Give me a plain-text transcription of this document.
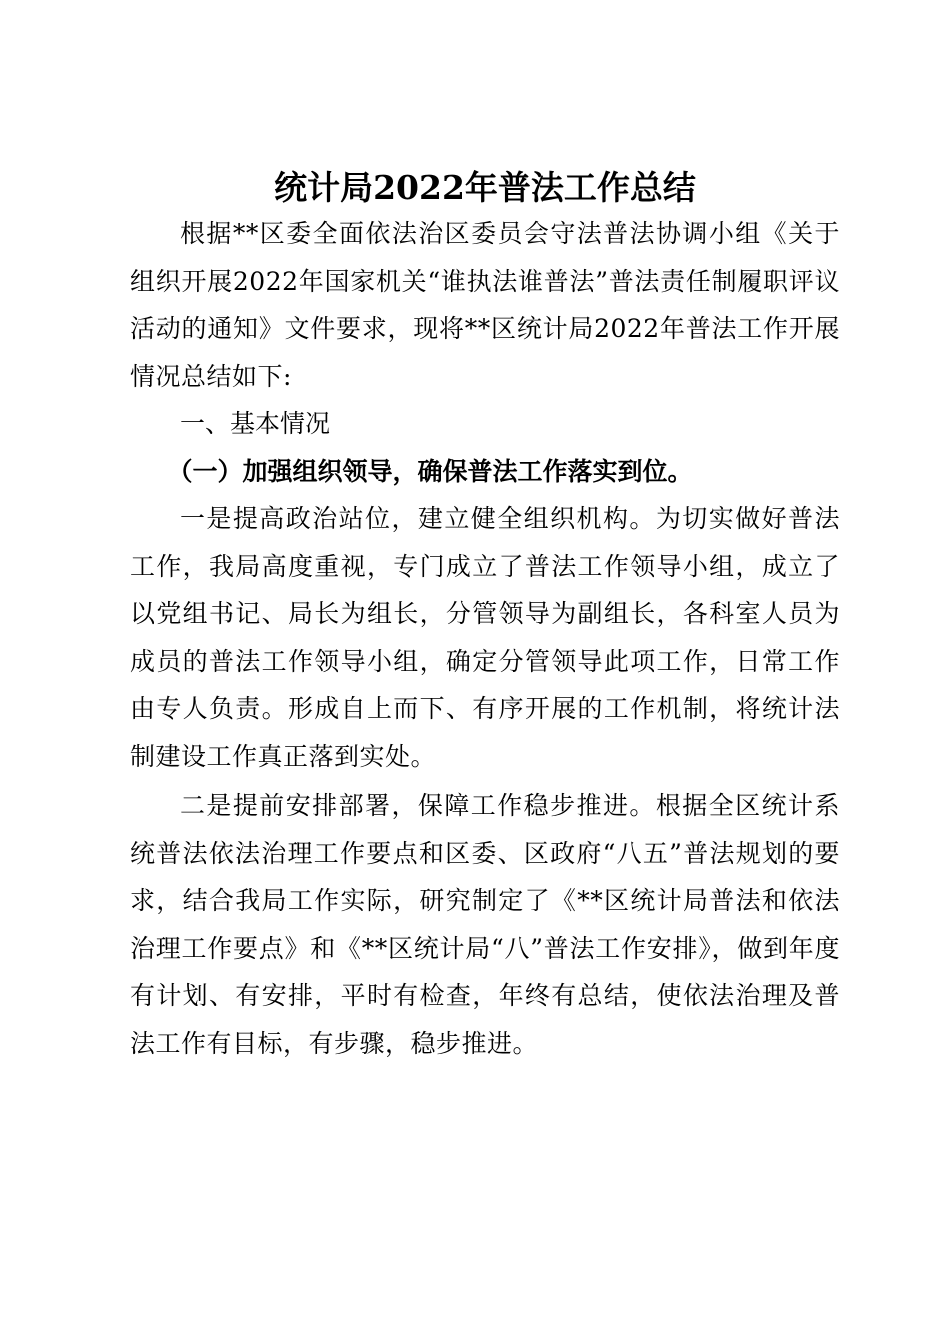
统计局2022年普法工作总结

根据**区委全面依法治区委员会守法普法协调小组《关于组织开展2022年国家机关“谁执法谁普法”普法责任制履职评议活动的通知》文件要求，现将**区统计局2022年普法工作开展情况总结如下:

一、基本情况

（一）加强组织领导，确保普法工作落实到位。

一是提高政治站位，建立健全组织机构。为切实做好普法工作，我局高度重视，专门成立了普法工作领导小组，成立了以党组书记、局长为组长，分管领导为副组长，各科室人员为成员的普法工作领导小组，确定分管领导此项工作，日常工作由专人负责。形成自上而下、有序开展的工作机制，将统计法制建设工作真正落到实处。

二是提前安排部署，保障工作稳步推进。根据全区统计系统普法依法治理工作要点和区委、区政府“八五”普法规划的要求，结合我局工作实际，研究制定了《**区统计局普法和依法治理工作要点》和《**区统计局“八”普法工作安排》，做到年度有计划、有安排，平时有检查，年终有总结，使依法治理及普法工作有目标，有步骤，稳步推进。
